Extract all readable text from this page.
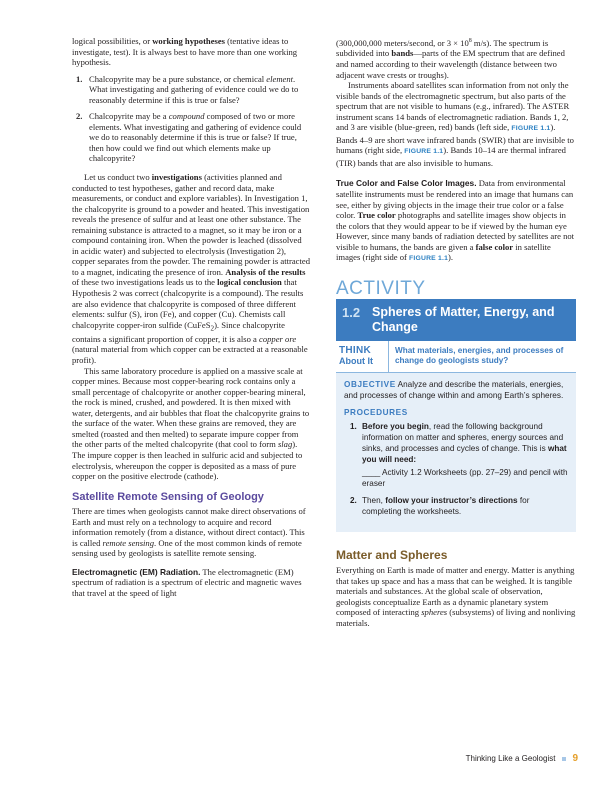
logical possibilities, or working hypotheses (tentative ideas to investigate, test). It is always best to have more than one working hypothesis.

1. Chalcopyrite may be a pure substance, or chemical element. What investigating and gathering of evidence could we do to reasonably determine if this is true or false?
2. Chalcopyrite may be a compound composed of two or more elements. What investigating and gathering of evidence could we do to reasonably determine if this is true or false? If true, then how could we find out which elements make up chalcopyrite?

Let us conduct two investigations (activities planned and conducted to test hypotheses, gather and record data, make measurements, or conduct and explore variables). In Investigation 1, the chalcopyrite is ground to a powder and heated. This investigation reveals the presence of sulfur and at least one other substance. The remaining substance is attracted to a magnet, so it may be iron or a compound containing iron. When the powder is leached (dissolved in acidic water) and subjected to electrolysis (Investigation 2), copper separates from the powder. The remaining powder is attracted to a magnet, indicating the presence of iron. Analysis of the results of these two investigations leads us to the logical conclusion that Hypothesis 2 was correct (chalcopyrite is a compound). The results are also evidence that chalcopyrite is composed of three different elements: sulfur (S), iron (Fe), and copper (Cu). Chemists call chalcopyrite copper-iron sulfide (CuFeS$_2$). Since chalcopyrite contains a significant proportion of copper, it is also a copper ore (natural material from which copper can be extracted at a reasonable profit).

This same laboratory procedure is applied on a massive scale at copper mines. Because most copper-bearing rock contains only a small percentage of chalcopyrite or another copper-bearing mineral, the rock is mined, crushed, and powdered. It is then mixed with water, detergents, and air bubbles that float the chalcopyrite grains to the surface of the water. When these grains are removed, they are smelted (roasted and then melted) to separate impure copper from the other parts of the melted chalcopyrite (that cool to form slag). The impure copper is then leached in sulfuric acid and subjected to electrolysis, whereupon the copper is deposited as a mass of pure copper on the positive electrode (cathode).

Satellite Remote Sensing of Geology

There are times when geologists cannot make direct observations of Earth and must rely on a technology to acquire and record information remotely (from a distance, without direct contact). This is called remote sensing. One of the most common kinds of remote sensing used by geologists is satellite remote sensing.

Electromagnetic (EM) Radiation. The electromagnetic (EM) spectrum of radiation is a spectrum of electric and magnetic waves that travel at the speed of light

(300,000,000 meters/second, or $3 \times 10^8$ m/s). The spectrum is subdivided into bands—parts of the EM spectrum that are defined and named according to their wavelength (distance between two adjacent wave crests or troughs).

Instruments aboard satellites scan information from not only the visible bands of the electromagnetic spectrum, but also parts of the spectrum that are not visible to humans (e.g., infrared). The ASTER instrument scans 14 bands of electromagnetic radiation. Bands 1, 2, and 3 are visible (blue-green, red) bands (left side, FIGURE 1.1). Bands 4–9 are short wave infrared bands (SWIR) that are invisible to humans (right side, FIGURE 1.1). Bands 10–14 are thermal infrared (TIR) bands that are also invisible to humans.

True Color and False Color Images. Data from environmental satellite instruments must be rendered into an image that humans can see, either by giving objects in the image their true color or a false color. True color photographs and satellite images show objects in the colors that they would appear to be if viewed by the human eye However, since many bands of radiation detected by satellites are not visible to humans, the bands are given a false color in satellite images (right side of FIGURE 1.1).

ACTIVITY
1.2 Spheres of Matter, Energy, and Change
THINK
About It
What materials, energies, and processes of change do geologists study?
OBJECTIVE Analyze and describe the materials, energies, and processes of change within and among Earth’s spheres.
PROCEDURES
1. Before you begin, read the following background information on matter and spheres, energy sources and sinks, and processes and cycles of change. This is what you will need:
____ Activity 1.2 Worksheets (pp. 27–29) and pencil with eraser
2. Then, follow your instructor’s directions for completing the worksheets.
Matter and Spheres

Everything on Earth is made of matter and energy. Matter is anything that takes up space and has a mass that can be weighed. It is tangible materials and substances. At the global scale of observation, geologists conceptualize Earth as a dynamic planetary system composed of interacting spheres (subsystems) of living and nonliving materials.

Thinking Like a Geologist 9
